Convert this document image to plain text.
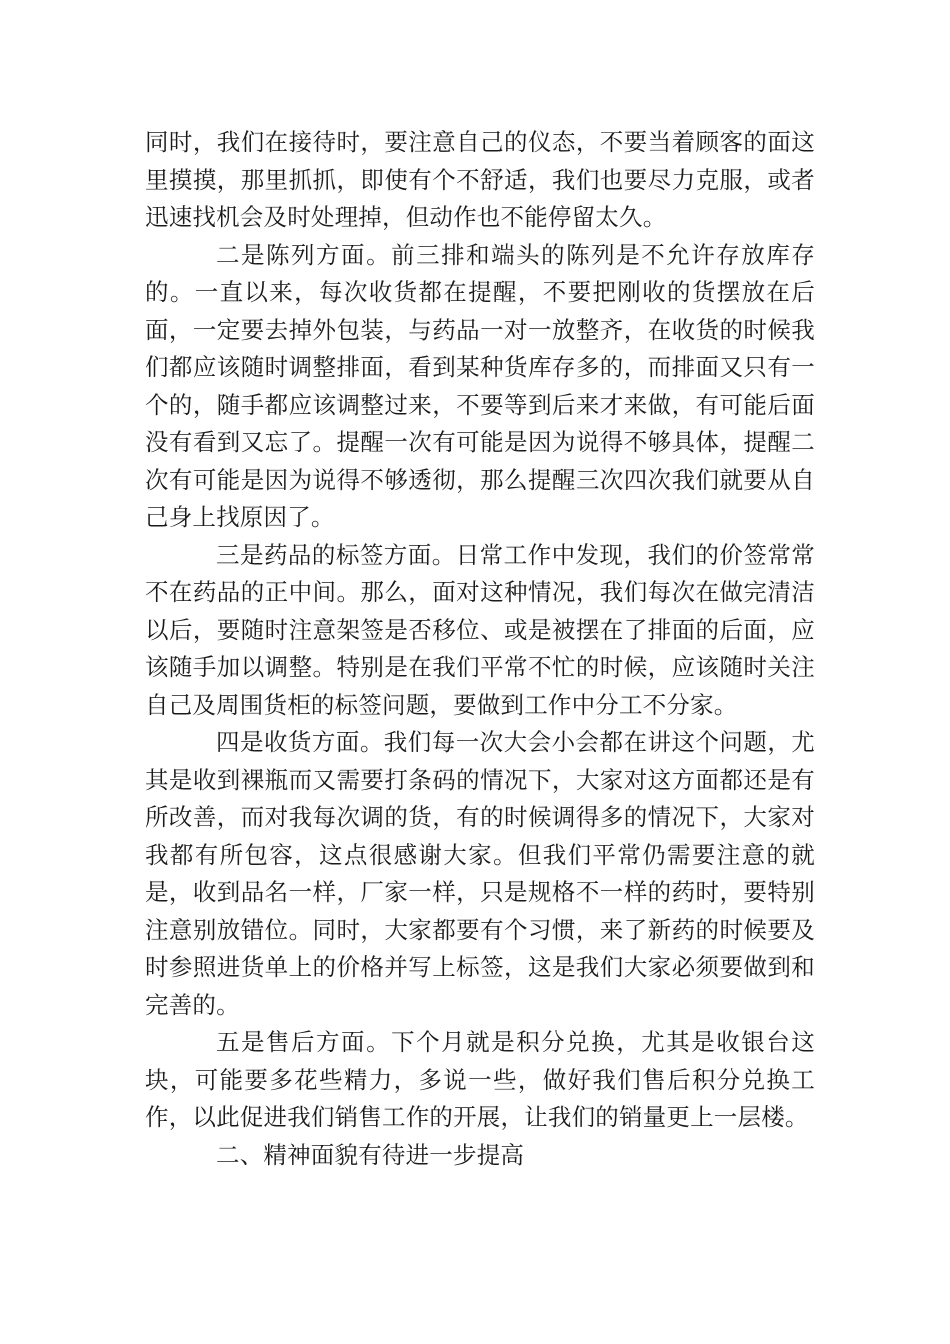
同时，我们在接待时，要注意自己的仪态，不要当着顾客的面这里摸摸，那里抓抓，即使有个不舒适，我们也要尽力克服，或者迅速找机会及时处理掉，但动作也不能停留太久。

二是陈列方面。前三排和端头的陈列是不允许存放库存的。一直以来，每次收货都在提醒，不要把刚收的货摆放在后面，一定要去掉外包装，与药品一对一放整齐，在收货的时候我们都应该随时调整排面，看到某种货库存多的，而排面又只有一个的，随手都应该调整过来，不要等到后来才来做，有可能后面没有看到又忘了。提醒一次有可能是因为说得不够具体，提醒二次有可能是因为说得不够透彻，那么提醒三次四次我们就要从自己身上找原因了。

三是药品的标签方面。日常工作中发现，我们的价签常常不在药品的正中间。那么，面对这种情况，我们每次在做完清洁以后，要随时注意架签是否移位、或是被摆在了排面的后面，应该随手加以调整。特别是在我们平常不忙的时候，应该随时关注自己及周围货柜的标签问题，要做到工作中分工不分家。

四是收货方面。我们每一次大会小会都在讲这个问题，尤其是收到裸瓶而又需要打条码的情况下，大家对这方面都还是有所改善，而对我每次调的货，有的时候调得多的情况下，大家对我都有所包容，这点很感谢大家。但我们平常仍需要注意的就是，收到品名一样，厂家一样，只是规格不一样的药时，要特别注意别放错位。同时，大家都要有个习惯，来了新药的时候要及时参照进货单上的价格并写上标签，这是我们大家必须要做到和完善的。

五是售后方面。下个月就是积分兑换，尤其是收银台这块，可能要多花些精力，多说一些，做好我们售后积分兑换工作，以此促进我们销售工作的开展，让我们的销量更上一层楼。

二、精神面貌有待进一步提高
